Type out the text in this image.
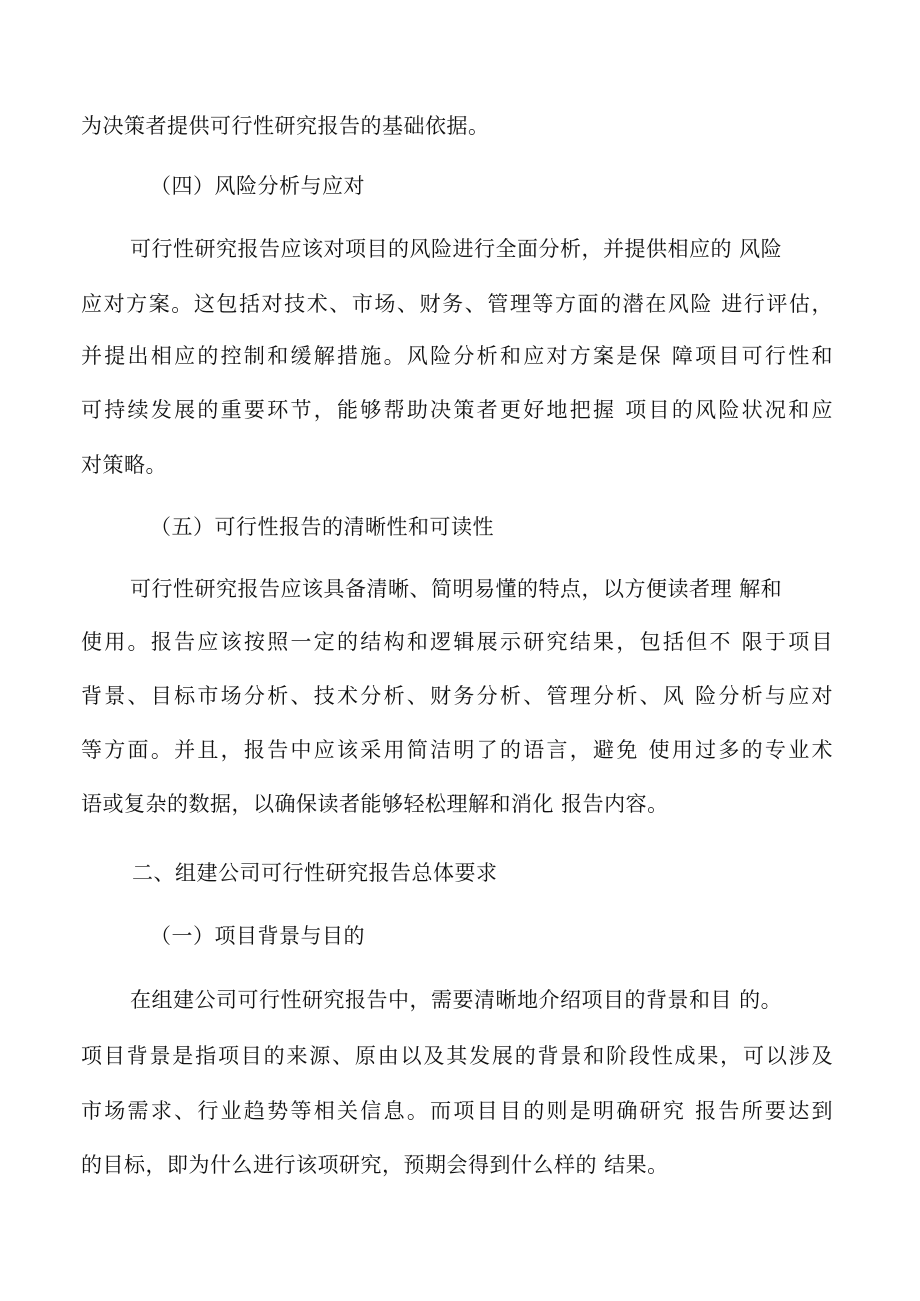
为决策者提供可行性研究报告的基础依据。
（四）风险分析与应对
可行性研究报告应该对项目的风险进行全面分析，并提供相应的 风险
应对方案。这包括对技术、市场、财务、管理等方面的潜在风险 进行评估，
并提出相应的控制和缓解措施。风险分析和应对方案是保 障项目可行性和
可持续发展的重要环节，能够帮助决策者更好地把握 项目的风险状况和应
对策略。
（五）可行性报告的清晰性和可读性
可行性研究报告应该具备清晰、简明易懂的特点，以方便读者理 解和
使用。报告应该按照一定的结构和逻辑展示研究结果，包括但不 限于项目
背景、目标市场分析、技术分析、财务分析、管理分析、风 险分析与应对
等方面。并且，报告中应该采用简洁明了的语言，避免 使用过多的专业术
语或复杂的数据，以确保读者能够轻松理解和消化 报告内容。
二、组建公司可行性研究报告总体要求
（一）项目背景与目的
在组建公司可行性研究报告中，需要清晰地介绍项目的背景和目 的。
项目背景是指项目的来源、原由以及其发展的背景和阶段性成果，可以涉及
市场需求、行业趋势等相关信息。而项目目的则是明确研究 报告所要达到
的目标，即为什么进行该项研究，预期会得到什么样的 结果。
